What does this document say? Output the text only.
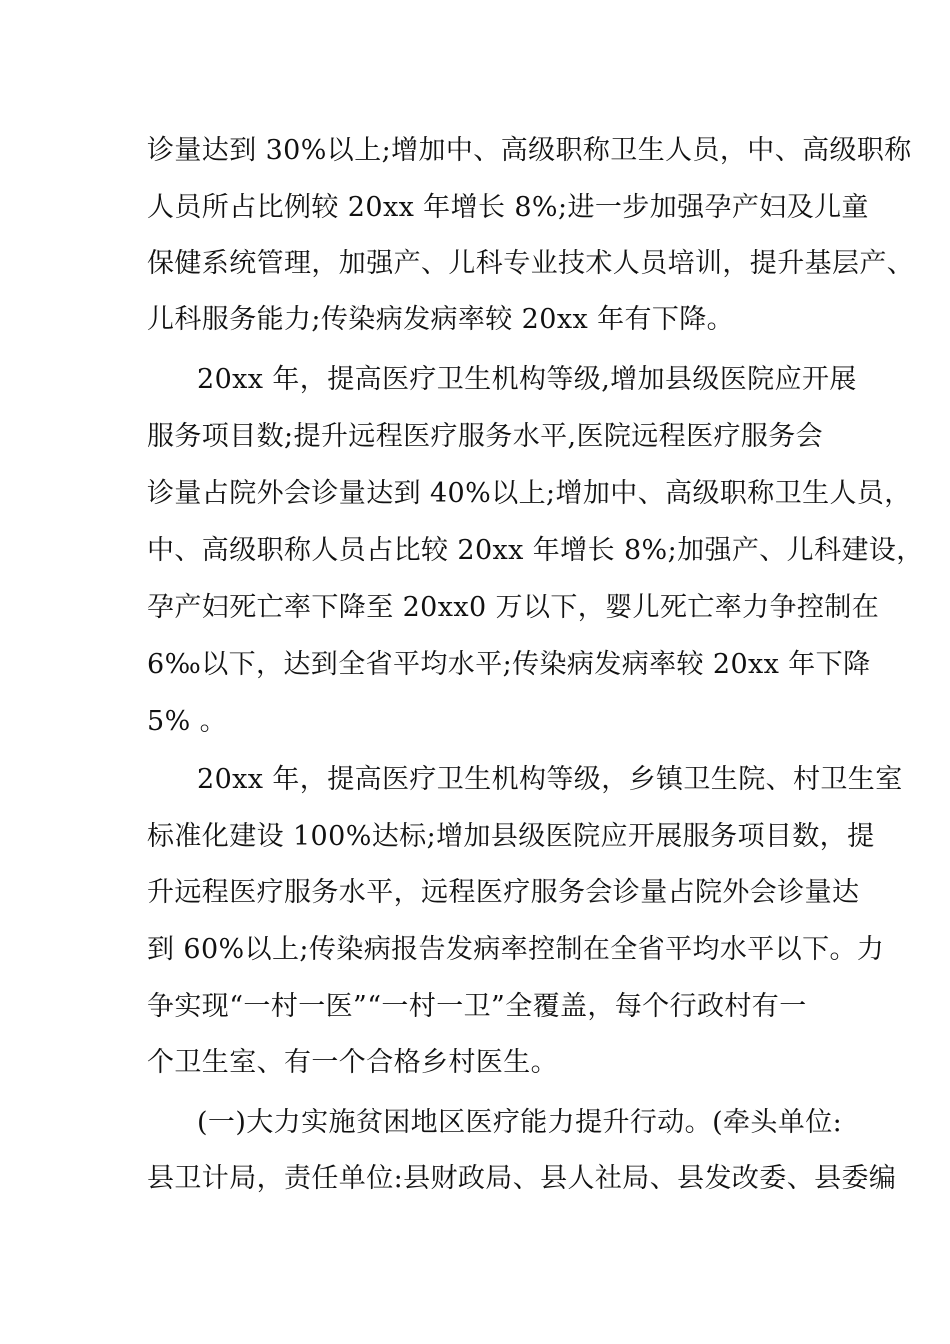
诊量达到 30%以上;增加中、高级职称卫生人员，中、高级职称
人员所占比例较 20xx 年增长 8%;进一步加强孕产妇及儿童
保健系统管理，加强产、儿科专业技术人员培训，提升基层产、
儿科服务能力;传染病发病率较 20xx 年有下降。
20xx 年，提高医疗卫生机构等级,增加县级医院应开展
服务项目数;提升远程医疗服务水平,医院远程医疗服务会
诊量占院外会诊量达到 40%以上;增加中、高级职称卫生人员，
中、高级职称人员占比较 20xx 年增长 8%;加强产、儿科建设，
孕产妇死亡率下降至 20xx0 万以下，婴儿死亡率力争控制在
6‰以下，达到全省平均水平;传染病发病率较 20xx 年下降
5% 。
20xx 年，提高医疗卫生机构等级，乡镇卫生院、村卫生室
标准化建设 100%达标;增加县级医院应开展服务项目数，提
升远程医疗服务水平，远程医疗服务会诊量占院外会诊量达
到 60%以上;传染病报告发病率控制在全省平均水平以下。力
争实现“一村一医”“一村一卫”全覆盖，每个行政村有一
个卫生室、有一个合格乡村医生。
(一)大力实施贫困地区医疗能力提升行动。(牵头单位:
县卫计局，责任单位:县财政局、县人社局、县发改委、县委编
